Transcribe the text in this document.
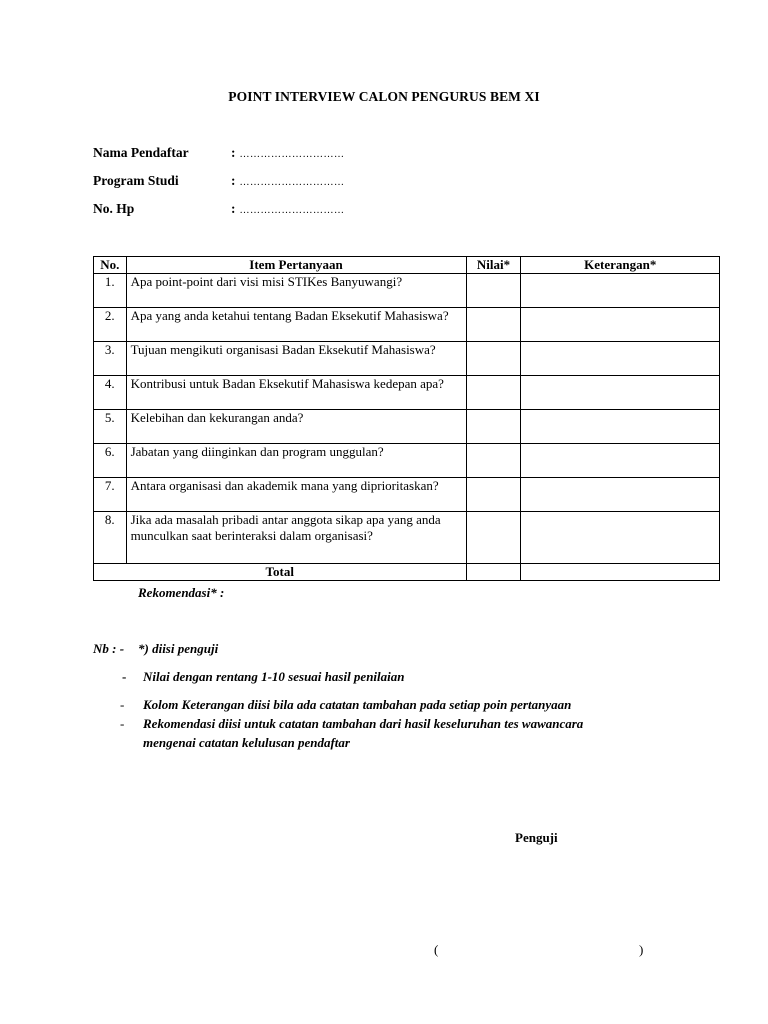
POINT INTERVIEW CALON PENGURUS BEM XI
Nama Pendaftar	: …………………………
Program Studi	: …………………………
No. Hp	: …………………………
No.	Item Pertanyaan	Nilai*	Keterangan*
1.	Apa point-point dari visi misi STIKes Banyuwangi?		
2.	Apa yang anda ketahui tentang Badan Eksekutif Mahasiswa?		
3.	Tujuan mengikuti organisasi Badan Eksekutif Mahasiswa?		
4.	Kontribusi untuk Badan Eksekutif Mahasiswa kedepan apa?		
5.	Kelebihan dan kekurangan anda?		
6.	Jabatan yang diinginkan dan program unggulan?		
7.	Antara organisasi dan akademik mana yang diprioritaskan?		
8.	Jika ada masalah pribadi antar anggota sikap apa yang anda munculkan saat berinteraksi dalam organisasi?		
Total			
Rekomendasi* :
Nb : - *) diisi penguji
- Nilai dengan rentang 1-10 sesuai hasil penilaian
- Kolom Keterangan diisi bila ada catatan tambahan pada setiap poin pertanyaan
- Rekomendasi diisi untuk catatan tambahan dari hasil keseluruhan tes wawancara
mengenai catatan kelulusan pendaftar
Penguji
(	)
